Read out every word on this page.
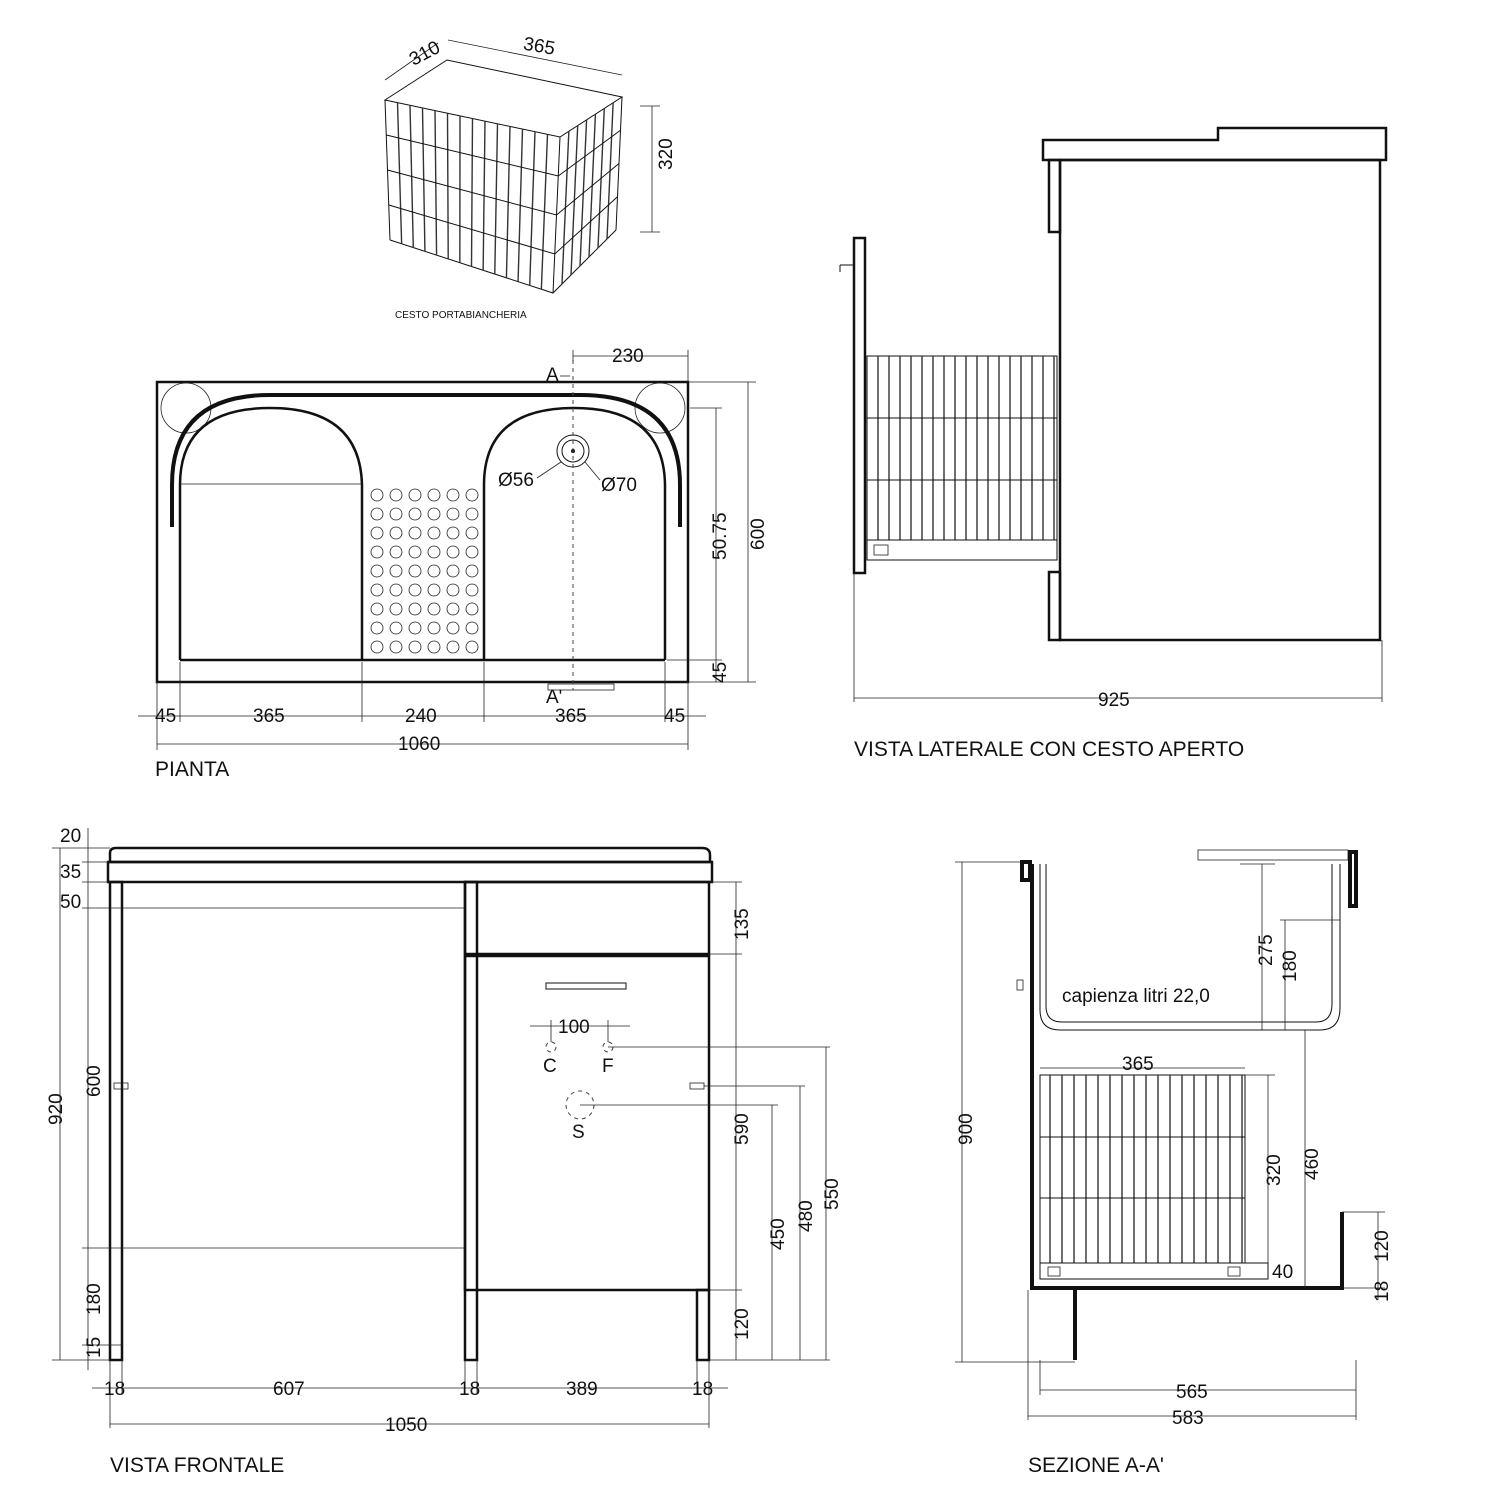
310	365
320
CESTO PORTABIANCHERIA
Ø56	Ø70
A
A'
230
50.75 600
45
45	365	240	365	45
1060
PIANTA
925
VISTA LATERALE CON CESTO APERTO
100
C F
S
20
35
50
920
600
180
15
135
590
120
450
480
550
18	607	18	389	18
1050
VISTA FRONTALE
capienza litri 22,0
900
275
180
365
320 460
40
120
18
565
583
SEZIONE A-A'
